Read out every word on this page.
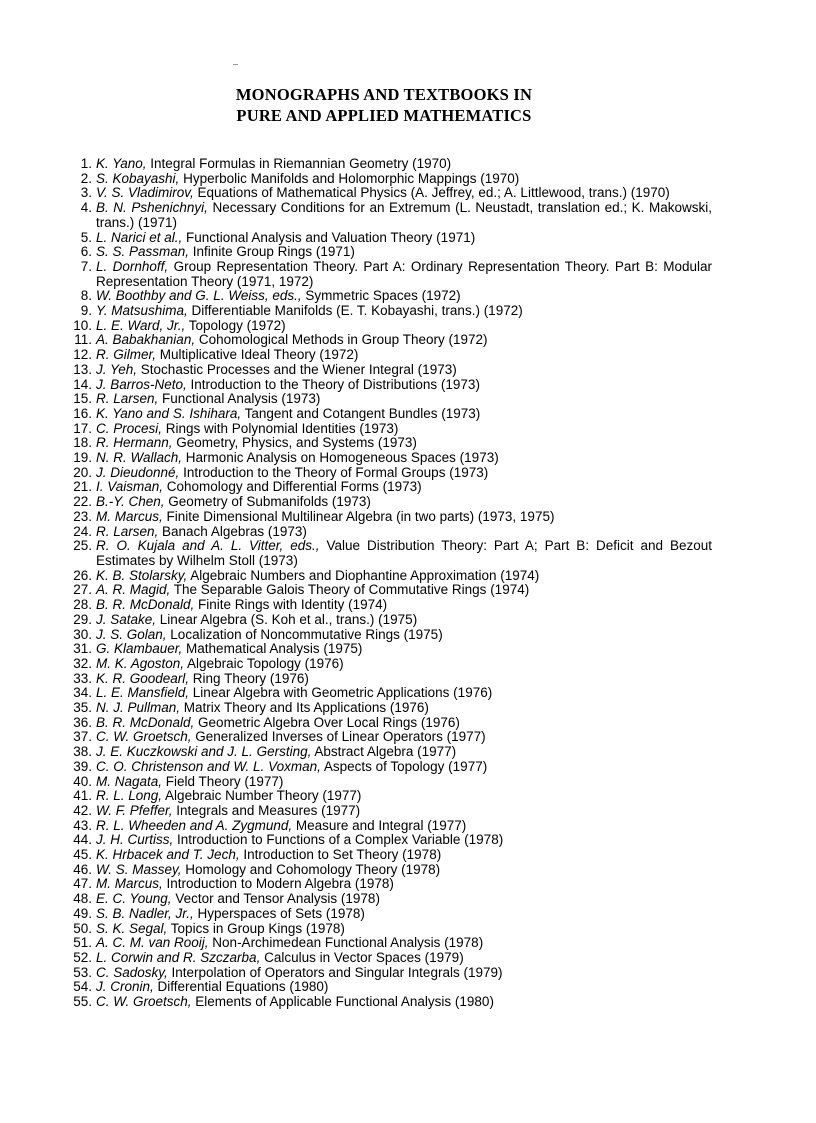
MONOGRAPHS AND TEXTBOOKS IN
PURE AND APPLIED MATHEMATICS
1. K. Yano, Integral Formulas in Riemannian Geometry (1970)
2. S. Kobayashi, Hyperbolic Manifolds and Holomorphic Mappings (1970)
3. V. S. Vladimirov, Equations of Mathematical Physics (A. Jeffrey, ed.; A. Littlewood, trans.) (1970)
4. B. N. Pshenichnyi, Necessary Conditions for an Extremum (L. Neustadt, translation ed.; K. Makowski, trans.) (1971)
5. L. Narici et al., Functional Analysis and Valuation Theory (1971)
6. S. S. Passman, Infinite Group Rings (1971)
7. L. Dornhoff, Group Representation Theory. Part A: Ordinary Representation Theory. Part B: Modular Representation Theory (1971, 1972)
8. W. Boothby and G. L. Weiss, eds., Symmetric Spaces (1972)
9. Y. Matsushima, Differentiable Manifolds (E. T. Kobayashi, trans.) (1972)
10. L. E. Ward, Jr., Topology (1972)
11. A. Babakhanian, Cohomological Methods in Group Theory (1972)
12. R. Gilmer, Multiplicative Ideal Theory (1972)
13. J. Yeh, Stochastic Processes and the Wiener Integral (1973)
14. J. Barros-Neto, Introduction to the Theory of Distributions (1973)
15. R. Larsen, Functional Analysis (1973)
16. K. Yano and S. Ishihara, Tangent and Cotangent Bundles (1973)
17. C. Procesi, Rings with Polynomial Identities (1973)
18. R. Hermann, Geometry, Physics, and Systems (1973)
19. N. R. Wallach, Harmonic Analysis on Homogeneous Spaces (1973)
20. J. Dieudonné, Introduction to the Theory of Formal Groups (1973)
21. I. Vaisman, Cohomology and Differential Forms (1973)
22. B.-Y. Chen, Geometry of Submanifolds (1973)
23. M. Marcus, Finite Dimensional Multilinear Algebra (in two parts) (1973, 1975)
24. R. Larsen, Banach Algebras (1973)
25. R. O. Kujala and A. L. Vitter, eds., Value Distribution Theory: Part A; Part B: Deficit and Bezout Estimates by Wilhelm Stoll (1973)
26. K. B. Stolarsky, Algebraic Numbers and Diophantine Approximation (1974)
27. A. R. Magid, The Separable Galois Theory of Commutative Rings (1974)
28. B. R. McDonald, Finite Rings with Identity (1974)
29. J. Satake, Linear Algebra (S. Koh et al., trans.) (1975)
30. J. S. Golan, Localization of Noncommutative Rings (1975)
31. G. Klambauer, Mathematical Analysis (1975)
32. M. K. Agoston, Algebraic Topology (1976)
33. K. R. Goodearl, Ring Theory (1976)
34. L. E. Mansfield, Linear Algebra with Geometric Applications (1976)
35. N. J. Pullman, Matrix Theory and Its Applications (1976)
36. B. R. McDonald, Geometric Algebra Over Local Rings (1976)
37. C. W. Groetsch, Generalized Inverses of Linear Operators (1977)
38. J. E. Kuczkowski and J. L. Gersting, Abstract Algebra (1977)
39. C. O. Christenson and W. L. Voxman, Aspects of Topology (1977)
40. M. Nagata, Field Theory (1977)
41. R. L. Long, Algebraic Number Theory (1977)
42. W. F. Pfeffer, Integrals and Measures (1977)
43. R. L. Wheeden and A. Zygmund, Measure and Integral (1977)
44. J. H. Curtiss, Introduction to Functions of a Complex Variable (1978)
45. K. Hrbacek and T. Jech, Introduction to Set Theory (1978)
46. W. S. Massey, Homology and Cohomology Theory (1978)
47. M. Marcus, Introduction to Modern Algebra (1978)
48. E. C. Young, Vector and Tensor Analysis (1978)
49. S. B. Nadler, Jr., Hyperspaces of Sets (1978)
50. S. K. Segal, Topics in Group Kings (1978)
51. A. C. M. van Rooij, Non-Archimedean Functional Analysis (1978)
52. L. Corwin and R. Szczarba, Calculus in Vector Spaces (1979)
53. C. Sadosky, Interpolation of Operators and Singular Integrals (1979)
54. J. Cronin, Differential Equations (1980)
55. C. W. Groetsch, Elements of Applicable Functional Analysis (1980)
